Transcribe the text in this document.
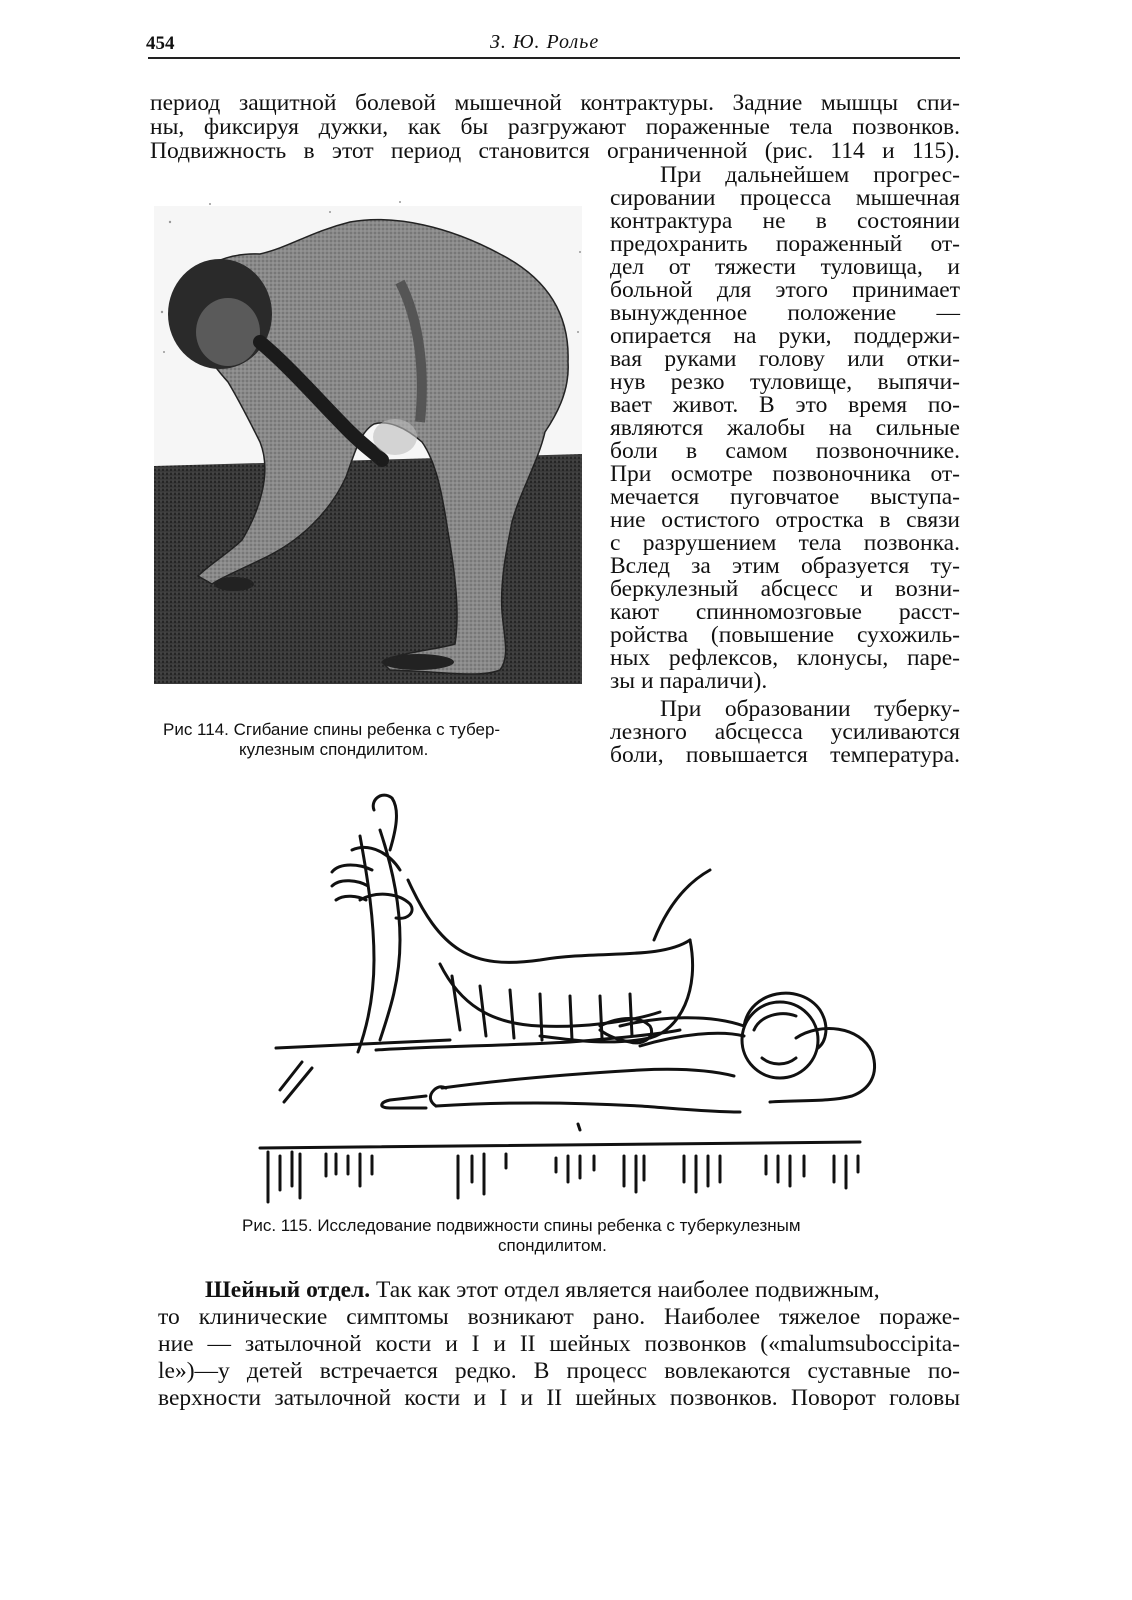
454	З. Ю. Ролье
период защитной болевой мышечной контрактуры. Задние мышцы спи-
ны, фиксируя дужки, как бы разгружают пораженные тела позвонков.
Подвижность в этот период становится ограниченной (рис. 114 и 115).
При дальнейшем прогрес-
сировании процесса мышечная
контрактура не в состоянии
предохранить пораженный от-
дел от тяжести туловища, и
больной для этого принимает
вынужденное положение —
опирается на руки, поддержи-
вая руками голову или отки-
нув резко туловище, выпячи-
вает живот. В это время по-
являются жалобы на сильные
боли в самом позвоночнике.
При осмотре позвоночника от-
мечается пуговчатое выступа-
ние остистого отростка в связи
с разрушением тела позвонка.
Вслед за этим образуется ту-
беркулезный абсцесс и возни-
кают спинномозговые расст-
ройства (повышение сухожиль-
ных рефлексов, клонусы, паре-
зы и параличи).
При образовании туберку-
лезного абсцесса усиливаются
боли, повышается температура.
Рис 114. Сгибание спины ребенка с тубер-
кулезным спондилитом.
Рис. 115. Исследование подвижности спины ребенка с туберкулезным
спондилитом.
Шейный отдел. Так как этот отдел является наиболее подвижным,
то клинические симптомы возникают рано. Наиболее тяжелое пораже-
ние — затылочной кости и I и II шейных позвонков («malumsuboccipita-
le»)—у детей встречается редко. В процесс вовлекаются суставные по-
верхности затылочной кости и I и II шейных позвонков. Поворот головы
